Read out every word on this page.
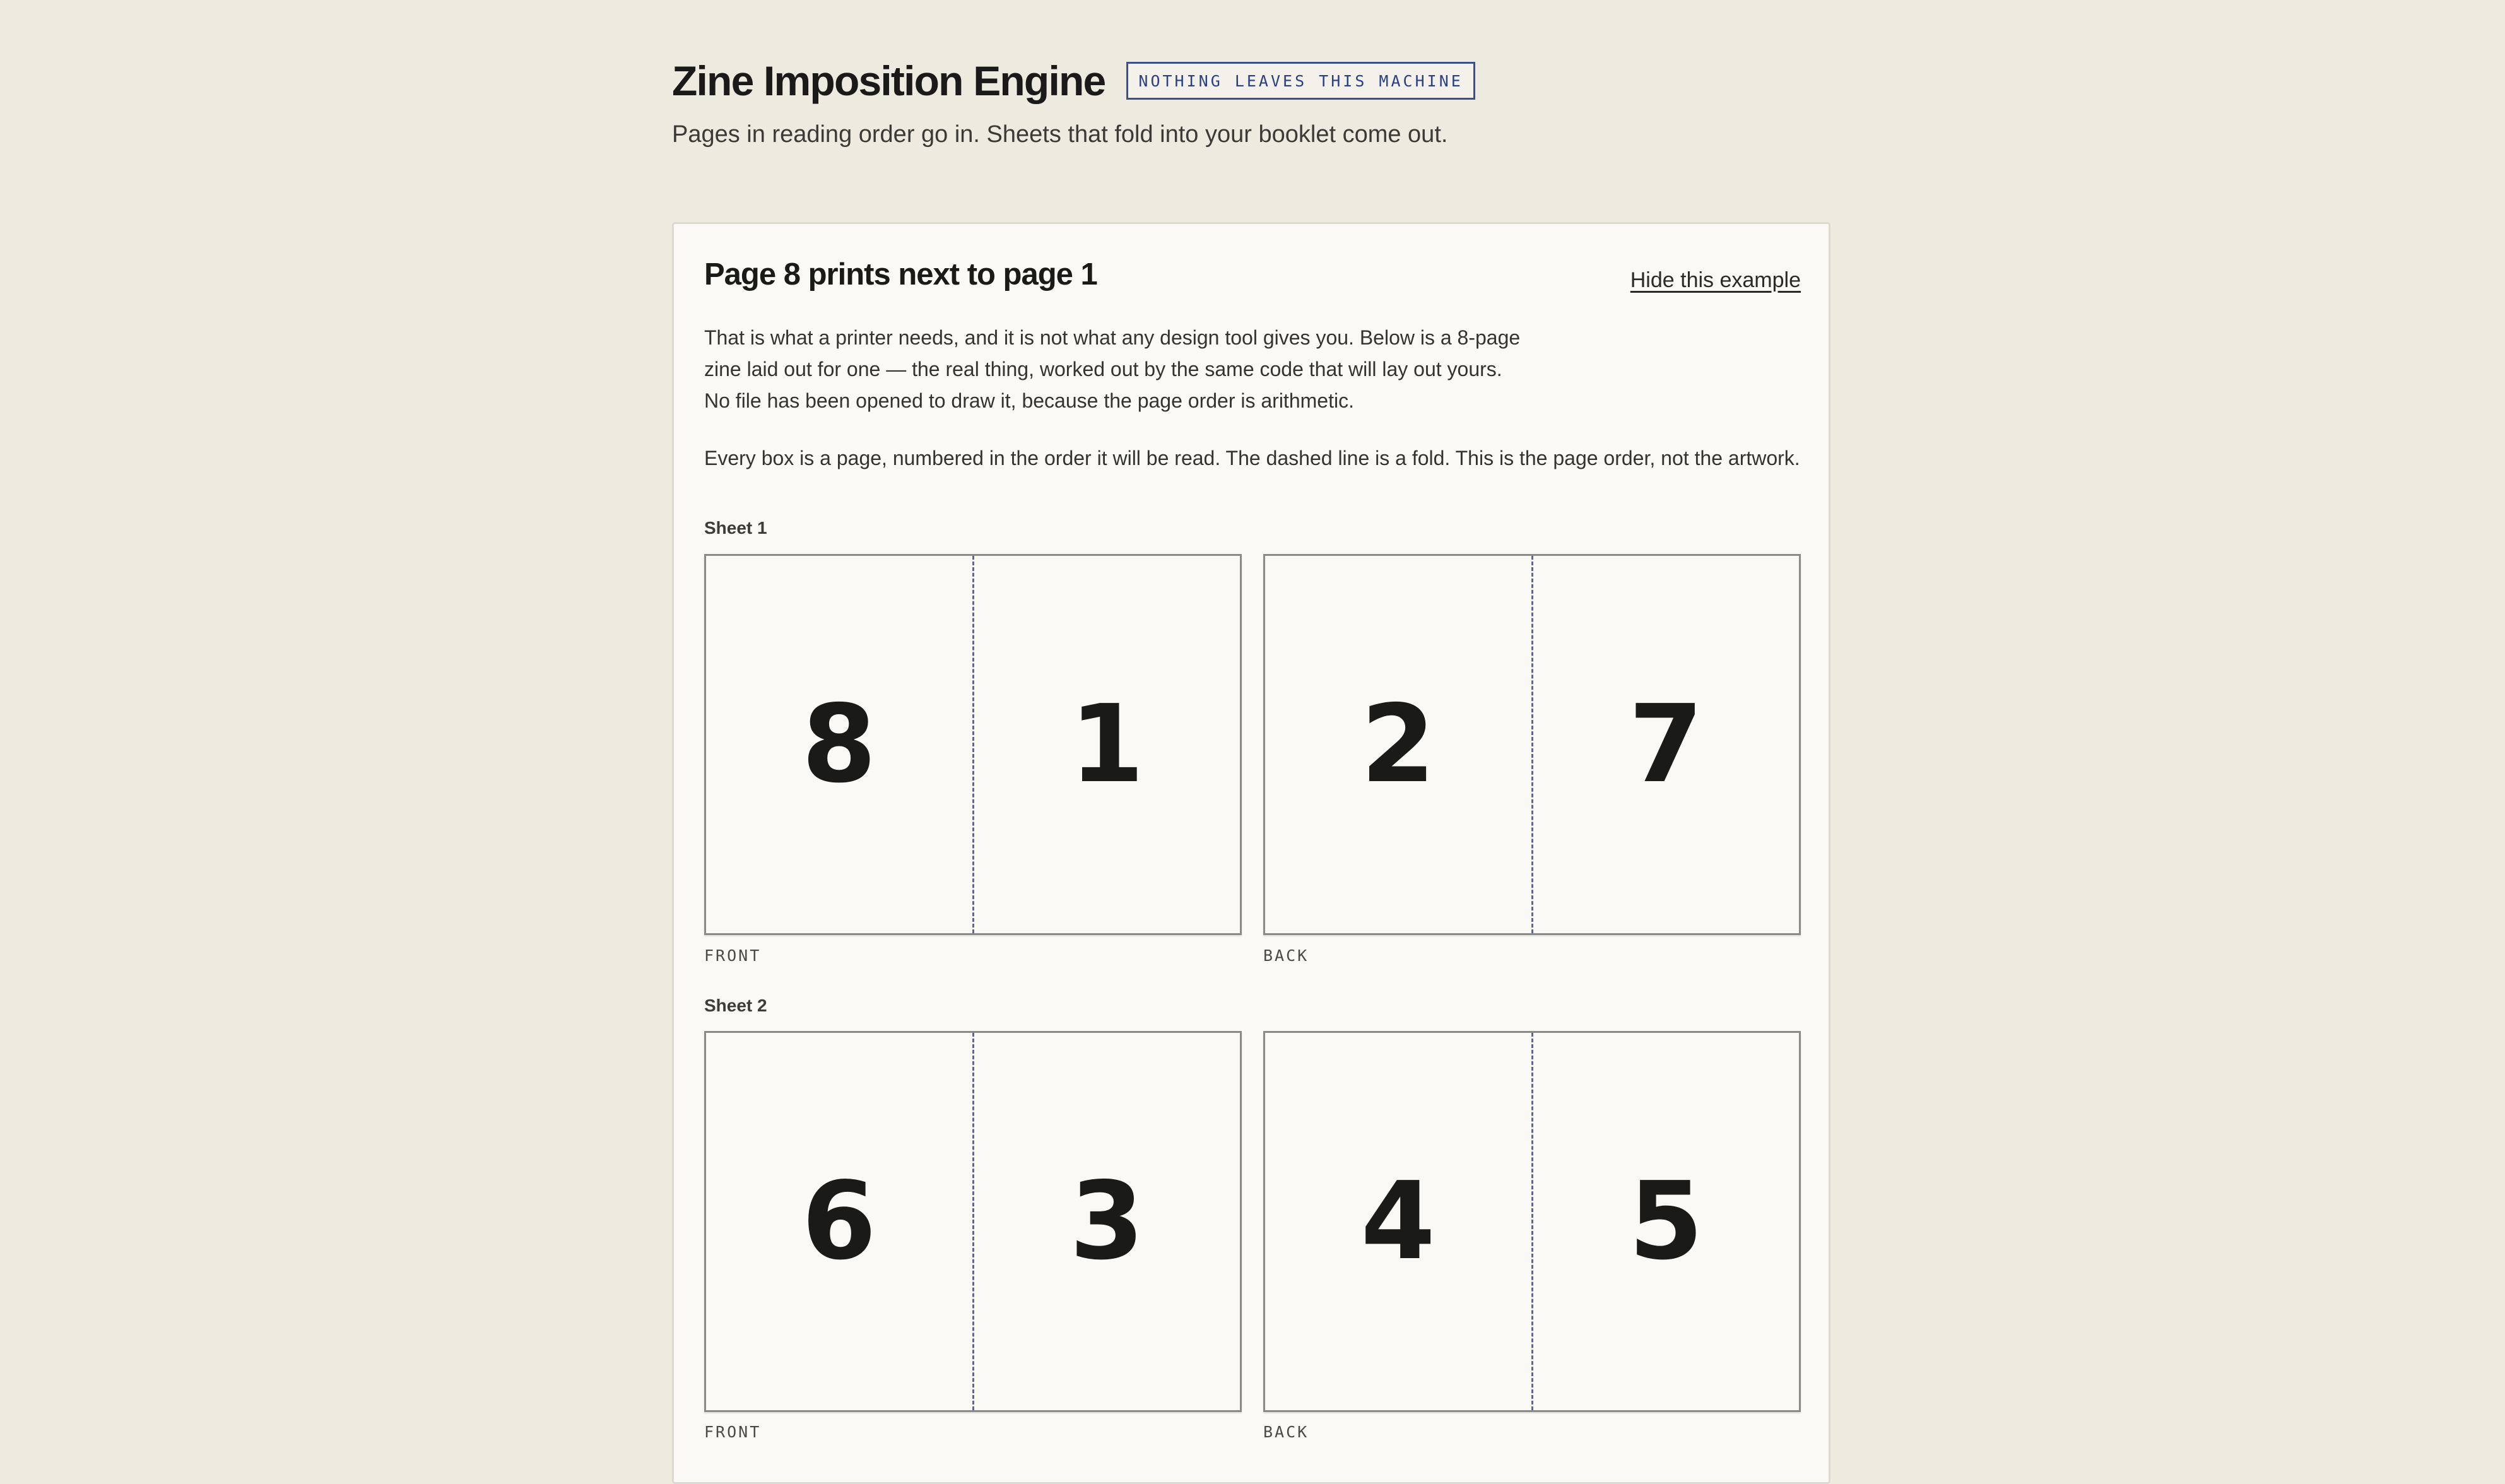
Zine Imposition Engine	NOTHING LEAVES THIS MACHINE

Pages in reading order go in. Sheets that fold into your booklet come out.

Page 8 prints next to page 1	Hide this example
That is what a printer needs, and it is not what any design tool gives you. Below is a 8-page
zine laid out for one — the real thing, worked out by the same code that will lay out yours.
No file has been opened to draw it, because the page order is arithmetic.

Every box is a page, numbered in the order it will be read. The dashed line is a fold. This is the page order, not the artwork.

Sheet 1
8	1
FRONT
2	7
BACK
Sheet 2
6	3
FRONT
4	5
BACK
